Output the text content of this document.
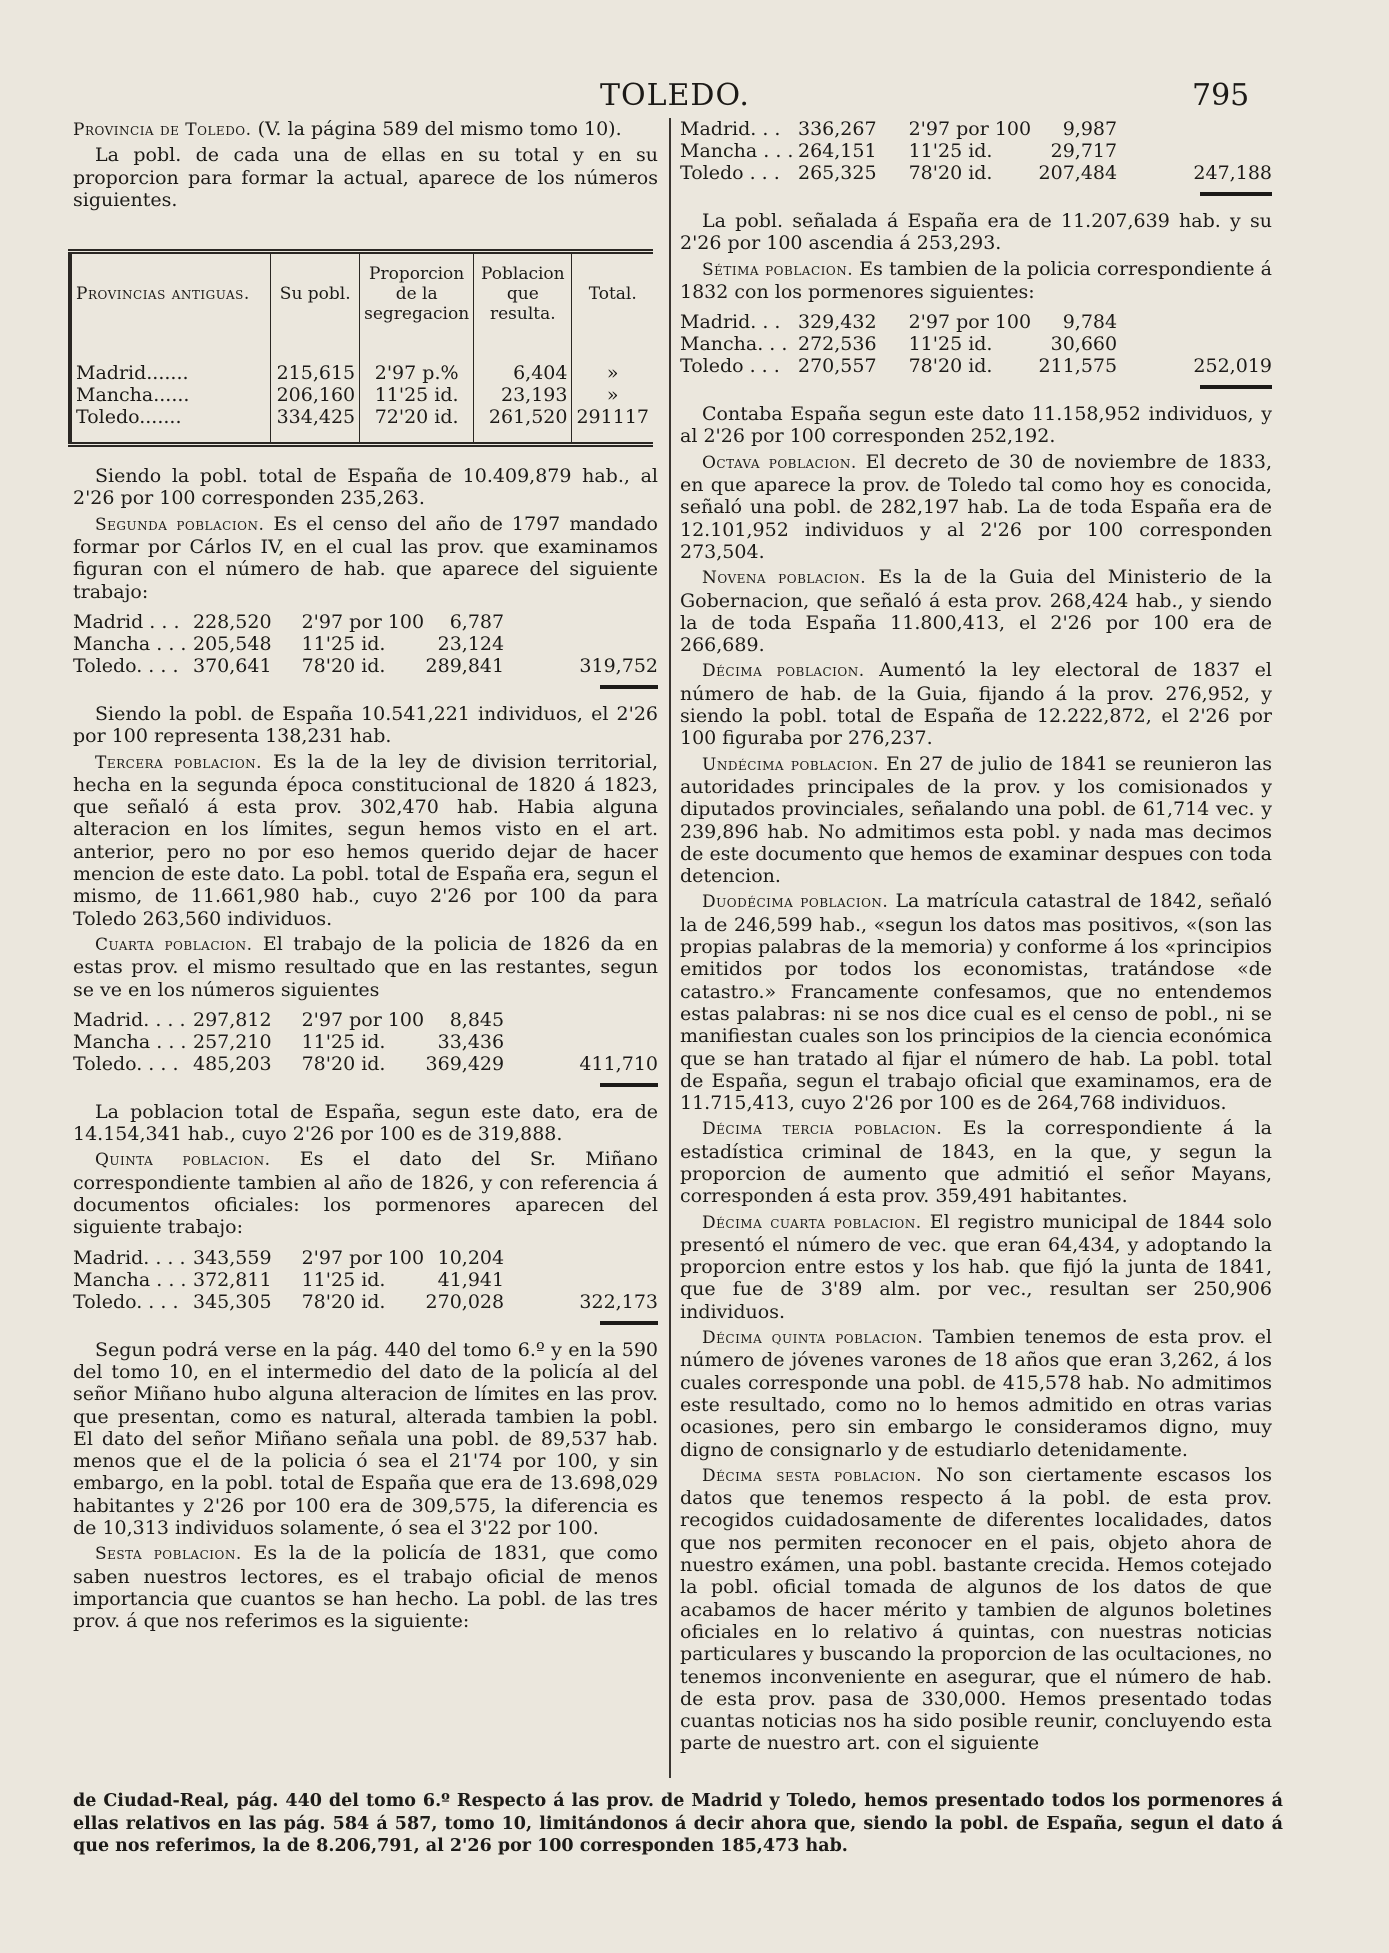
TOLEDO.	795

Provincia de Toledo. (V. la página 589 del mismo tomo 10).

La pobl. de cada una de ellas en su total y en su proporcion para formar la actual, aparece de los números siguientes.

Provincias antiguas.	Su pobl.	Proporcion de la segregacion	Poblacion que resulta.	Total.

Madrid.......	215,615	2'97 p.%	6,404	»
Mancha......	206,160	11'25 id.	23,193	»
Toledo.......	334,425	72'20 id.	261,520	291117

Siendo la pobl. total de España de 10.409,879 hab., al 2'26 por 100 corresponden 235,263.

Segunda poblacion. Es el censo del año de 1797 mandado formar por Cárlos IV, en el cual las prov. que examinamos figuran con el número de hab. que aparece del siguiente trabajo:

Madrid . . .	228,520	2'97 por 100	6,787	
Mancha . . .	205,548	11'25 id.	23,124	
Toledo. . . .	370,641	78'20 id.	289,841	319,752

Siendo la pobl. de España 10.541,221 individuos, el 2'26 por 100 representa 138,231 hab.

Tercera poblacion. Es la de la ley de division territorial, hecha en la segunda época constitucional de 1820 á 1823, que señaló á esta prov. 302,470 hab. Habia alguna alteracion en los límites, segun hemos visto en el art. anterior, pero no por eso hemos querido dejar de hacer mencion de este dato. La pobl. total de España era, segun el mismo, de 11.661,980 hab., cuyo 2'26 por 100 da para Toledo 263,560 individuos.

Cuarta poblacion. El trabajo de la policia de 1826 da en estas prov. el mismo resultado que en las restantes, segun se ve en los números siguientes

Madrid. . . .	297,812	2'97 por 100	8,845	
Mancha . . .	257,210	11'25 id.	33,436	
Toledo. . . .	485,203	78'20 id.	369,429	411,710

La poblacion total de España, segun este dato, era de 14.154,341 hab., cuyo 2'26 por 100 es de 319,888.

Quinta poblacion. Es el dato del Sr. Miñano correspondiente tambien al año de 1826, y con referencia á documentos oficiales: los pormenores aparecen del siguiente trabajo:

Madrid. . . .	343,559	2'97 por 100	10,204	
Mancha . . .	372,811	11'25 id.	41,941	
Toledo. . . .	345,305	78'20 id.	270,028	322,173

Segun podrá verse en la pág. 440 del tomo 6.º y en la 590 del tomo 10, en el intermedio del dato de la policía al del señor Miñano hubo alguna alteracion de límites en las prov. que presentan, como es natural, alterada tambien la pobl. El dato del señor Miñano señala una pobl. de 89,537 hab. menos que el de la policia ó sea el 21'74 por 100, y sin embargo, en la pobl. total de España que era de 13.698,029 habitantes y 2'26 por 100 era de 309,575, la diferencia es de 10,313 individuos solamente, ó sea el 3'22 por 100.

Sesta poblacion. Es la de la policía de 1831, que como saben nuestros lectores, es el trabajo oficial de menos importancia que cuantos se han hecho. La pobl. de las tres prov. á que nos referimos es la siguiente:

Madrid. . .	336,267	2'97 por 100	9,987	
Mancha . . .	264,151	11'25 id.	29,717	
Toledo . . .	265,325	78'20 id.	207,484	247,188

La pobl. señalada á España era de 11.207,639 hab. y su 2'26 por 100 ascendia á 253,293.

Sétima poblacion. Es tambien de la policia correspondiente á 1832 con los pormenores siguientes:

Madrid. . .	329,432	2'97 por 100	9,784	
Mancha. . .	272,536	11'25 id.	30,660	
Toledo . . .	270,557	78'20 id.	211,575	252,019

Contaba España segun este dato 11.158,952 individuos, y al 2'26 por 100 corresponden 252,192.

Octava poblacion. El decreto de 30 de noviembre de 1833, en que aparece la prov. de Toledo tal como hoy es conocida, señaló una pobl. de 282,197 hab. La de toda España era de 12.101,952 individuos y al 2'26 por 100 corresponden 273,504.

Novena poblacion. Es la de la Guia del Ministerio de la Gobernacion, que señaló á esta prov. 268,424 hab., y siendo la de toda España 11.800,413, el 2'26 por 100 era de 266,689.

Décima poblacion. Aumentó la ley electoral de 1837 el número de hab. de la Guia, fijando á la prov. 276,952, y siendo la pobl. total de España de 12.222,872, el 2'26 por 100 figuraba por 276,237.

Undécima poblacion. En 27 de julio de 1841 se reunieron las autoridades principales de la prov. y los comisionados y diputados provinciales, señalando una pobl. de 61,714 vec. y 239,896 hab. No admitimos esta pobl. y nada mas decimos de este documento que hemos de examinar despues con toda detencion.

Duodécima poblacion. La matrícula catastral de 1842, señaló la de 246,599 hab., «segun los datos mas positivos, «(son las propias palabras de la memoria) y conforme á los «principios emitidos por todos los economistas, tratándose «de catastro.» Francamente confesamos, que no entendemos estas palabras: ni se nos dice cual es el censo de pobl., ni se manifiestan cuales son los principios de la ciencia económica que se han tratado al fijar el número de hab. La pobl. total de España, segun el trabajo oficial que examinamos, era de 11.715,413, cuyo 2'26 por 100 es de 264,768 individuos.

Décima tercia poblacion. Es la correspondiente á la estadística criminal de 1843, en la que, y segun la proporcion de aumento que admitió el señor Mayans, corresponden á esta prov. 359,491 habitantes.

Décima cuarta poblacion. El registro municipal de 1844 solo presentó el número de vec. que eran 64,434, y adoptando la proporcion entre estos y los hab. que fijó la junta de 1841, que fue de 3'89 alm. por vec., resultan ser 250,906 individuos.

Décima quinta poblacion. Tambien tenemos de esta prov. el número de jóvenes varones de 18 años que eran 3,262, á los cuales corresponde una pobl. de 415,578 hab. No admitimos este resultado, como no lo hemos admitido en otras varias ocasiones, pero sin embargo le consideramos digno, muy digno de consignarlo y de estudiarlo detenidamente.

Décima sesta poblacion. No son ciertamente escasos los datos que tenemos respecto á la pobl. de esta prov. recogidos cuidadosamente de diferentes localidades, datos que nos permiten reconocer en el pais, objeto ahora de nuestro exámen, una pobl. bastante crecida. Hemos cotejado la pobl. oficial tomada de algunos de los datos de que acabamos de hacer mérito y tambien de algunos boletines oficiales en lo relativo á quintas, con nuestras noticias particulares y buscando la proporcion de las ocultaciones, no tenemos inconveniente en asegurar, que el número de hab. de esta prov. pasa de 330,000. Hemos presentado todas cuantas noticias nos ha sido posible reunir, concluyendo esta parte de nuestro art. con el siguiente

de Ciudad-Real, pág. 440 del tomo 6.º Respecto á las prov. de Madrid y Toledo, hemos presentado todos los pormenores á ellas relativos en las pág. 584 á 587, tomo 10, limitándonos á decir ahora que, siendo la pobl. de España, segun el dato á que nos referimos, la de 8.206,791, al 2'26 por 100 corresponden 185,473 hab.
